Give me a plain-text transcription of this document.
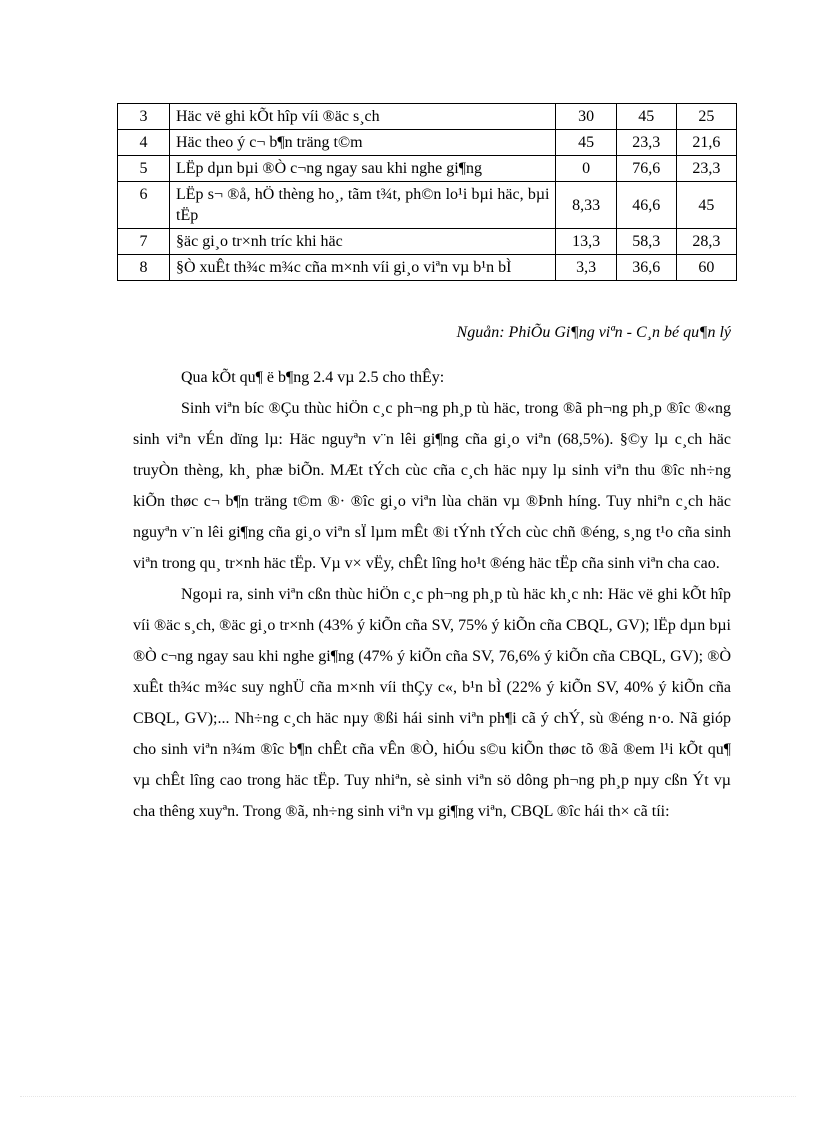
3	Häc vë ghi kÕt hîp víi ®äc s¸ch	30	45	25
4	Häc theo ý c¬ b¶n träng t©m	45	23,3	21,6
5	LËp dµn bµi ®Ò c¬ng ngay sau khi nghe gi¶ng	0	76,6	23,3
6	LËp s¬ ®å, hÖ thèng ho¸, tãm t¾t, ph©n lo¹i bµi häc, bµi tËp	8,33	46,6	45
7	§äc gi¸o tr×nh tríc khi häc	13,3	58,3	28,3
8	§Ò xuÊt th¾c m¾c cña m×nh víi gi¸o viªn vµ b¹n bÌ	3,3	36,6	60
Nguån: PhiÕu Gi¶ng viªn - C¸n bé qu¶n lý

Qua kÕt qu¶ ë b¶ng 2.4 vµ 2.5 cho thÊy:

Sinh viªn bíc ®Çu thùc hiÖn c¸c ph¬ng ph¸p tù häc, trong ®ã ph¬ng ph¸p ®îc ®«ng sinh viªn vÉn dïng lµ: Häc nguyªn v¨n lêi gi¶ng cña gi¸o viªn (68,5%). §©y lµ c¸ch häc truyÒn thèng, kh¸ phæ biÕn. MÆt tÝch cùc cña c¸ch häc nµy lµ sinh viªn thu ®îc nh÷ng kiÕn thøc c¬ b¶n träng t©m ®· ®îc gi¸o viªn lùa chän vµ ®Þnh híng. Tuy nhiªn c¸ch häc nguyªn v¨n lêi gi¶ng cña gi¸o viªn sÏ lµm mÊt ®i tÝnh tÝch cùc chñ ®éng, s¸ng t¹o cña sinh viªn trong qu¸ tr×nh häc tËp. Vµ v× vËy, chÊt lîng ho¹t ®éng häc tËp cña sinh viªn cha cao.

Ngoµi ra, sinh viªn cßn thùc hiÖn c¸c ph¬ng ph¸p tù häc kh¸c nh: Häc vë ghi kÕt hîp víi ®äc s¸ch, ®äc gi¸o tr×nh (43% ý kiÕn cña SV, 75% ý kiÕn cña CBQL, GV); lËp dµn bµi ®Ò c¬ng ngay sau khi nghe gi¶ng (47% ý kiÕn cña SV, 76,6% ý kiÕn cña CBQL, GV); ®Ò xuÊt th¾c m¾c suy nghÜ cña m×nh víi thÇy c«, b¹n bÌ (22% ý kiÕn SV, 40% ý kiÕn cña CBQL, GV);... Nh÷ng c¸ch häc nµy ®ßi hái sinh viªn ph¶i cã ý chÝ, sù ®éng n·o. Nã gióp cho sinh viªn n¾m ®îc b¶n chÊt cña vÊn ®Ò, hiÓu s©u kiÕn thøc tõ ®ã ®em l¹i kÕt qu¶ vµ chÊt lîng cao trong häc tËp. Tuy nhiªn, sè sinh viªn sö dông ph¬ng ph¸p nµy cßn Ýt vµ cha thêng xuyªn. Trong ®ã, nh÷ng sinh viªn vµ gi¶ng viªn, CBQL ®îc hái th× cã tíi:
